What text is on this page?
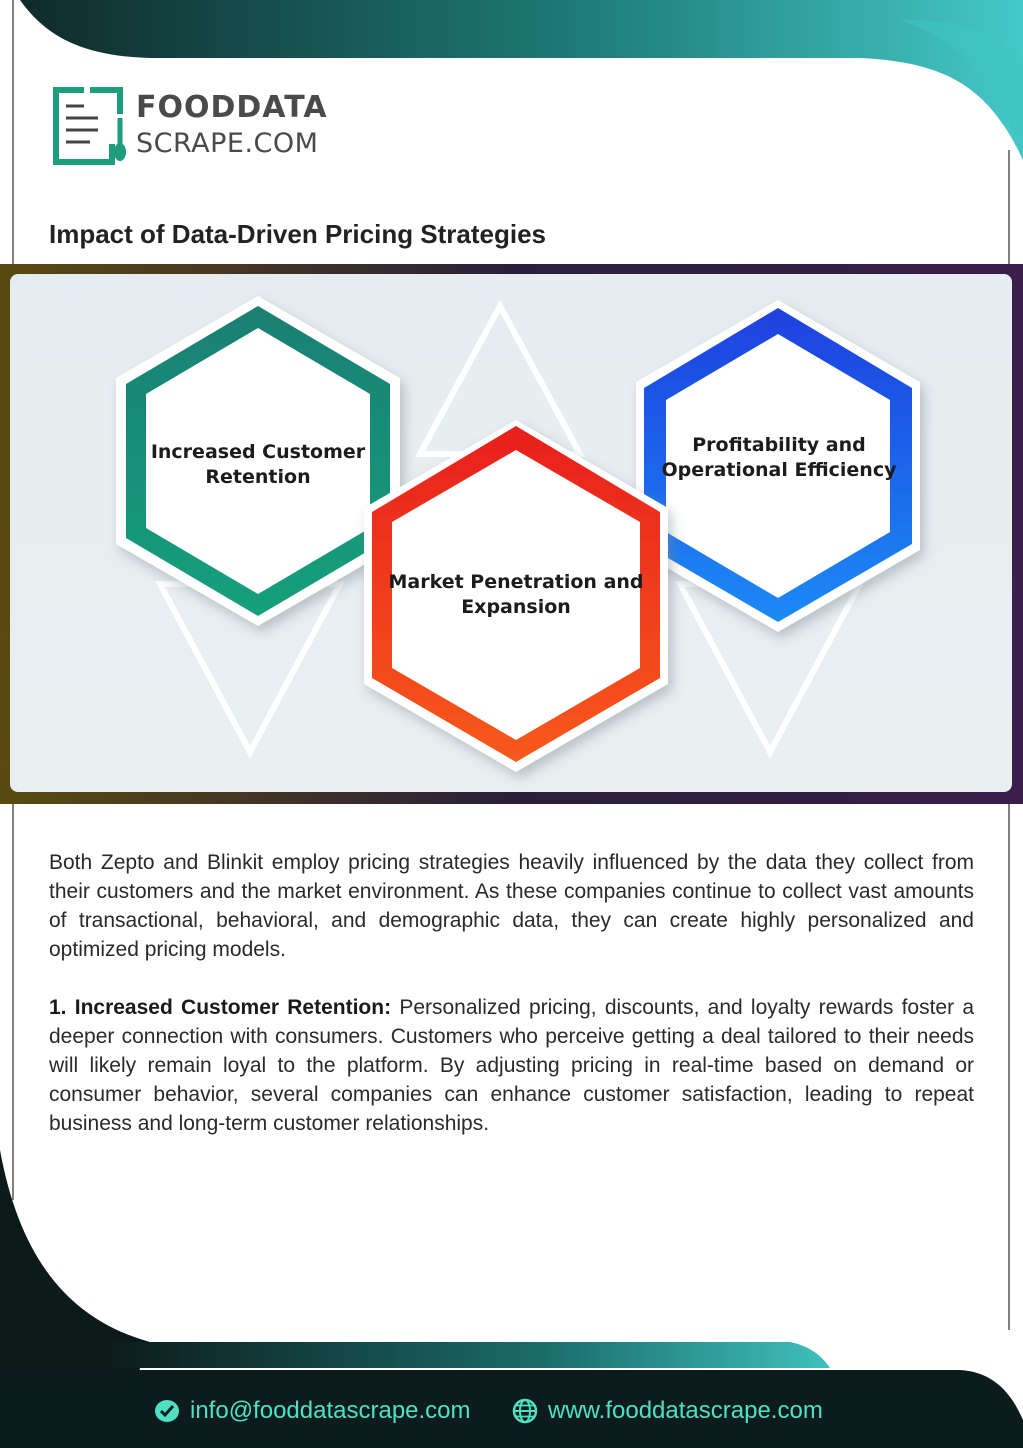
FOODDATA
SCRAPE.COM
Impact of Data-Driven Pricing Strategies
Increased Customer Retention
Market Penetration and Expansion
Profitability and Operational Efficiency

Both Zepto and Blinkit employ pricing strategies heavily influenced by the data they collect from their customers and the market environment. As these companies continue to collect vast amounts of transactional, behavioral, and demographic data, they can create highly personalized and optimized pricing models.

1. Increased Customer Retention: Personalized pricing, discounts, and loyalty rewards foster a deeper connection with consumers. Customers who perceive getting a deal tailored to their needs will likely remain loyal to the platform. By adjusting pricing in real-time based on demand or consumer behavior, several companies can enhance customer satisfaction, leading to repeat business and long-term customer relationships.

info@fooddatascrape.com	www.fooddatascrape.com
